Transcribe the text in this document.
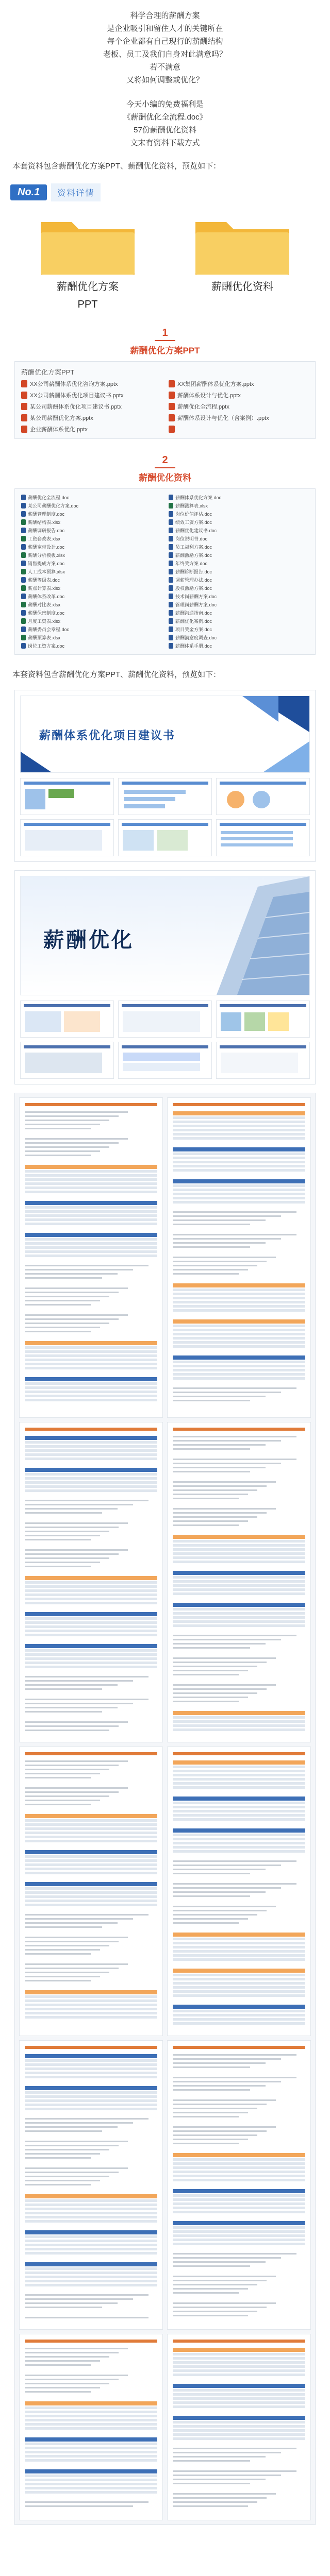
科学合理的薪酬方案

是企业吸引和留住人才的关键所在

每个企业都有自己现行的薪酬结构

老板、员工及我们自身对此满意吗？

若不满意

又将如何调整或优化？

今天小编的免费福利是

《薪酬优化全流程.doc》

57份薪酬优化资料

文末有资料下载方式

本套资料包含薪酬优化方案PPT、薪酬优化资料，预览如下：

No.1	资料详情
薪酬优化方案
PPT
薪酬优化资料
1
薪酬优化方案PPT
薪酬优化方案PPT
XX公司薪酬体系优化咨询方案.pptx	XX集团薪酬体系优化方案.pptx
XX公司薪酬体系优化项目建议书.pptx	薪酬体系设计与优化.pptx
某公司薪酬体系优化项目建议书.pptx	薪酬优化全流程.pptx
某公司薪酬优化方案.pptx	薪酬体系设计与优化（含案例）.pptx
企业薪酬体系优化.pptx
2
薪酬优化资料
薪酬优化全流程.doc	薪酬体系优化方案.doc
某公司薪酬优化方案.doc	薪酬测算表.xlsx
薪酬管理制度.doc	岗位价值评估.doc
薪酬结构表.xlsx	绩效工资方案.doc
薪酬调研报告.doc	薪酬优化建议书.doc
工资套改表.xlsx	岗位说明书.doc
薪酬宽带设计.doc	员工福利方案.doc
薪酬分析模板.xlsx	薪酬激励方案.doc
销售提成方案.doc	年终奖方案.doc
人工成本预算.xlsx	薪酬诊断报告.doc
薪酬等级表.doc	调薪管理办法.doc
薪点计算表.xlsx	股权激励方案.doc
薪酬体系改革.doc	技术岗薪酬方案.doc
薪酬对比表.xlsx	管理岗薪酬方案.doc
薪酬保密制度.doc	薪酬沟通指南.doc
月度工资表.xlsx	薪酬优化案例.doc
薪酬委员会章程.doc	项目奖金方案.doc
薪酬预算表.xlsx	薪酬满意度调查.doc
岗位工资方案.doc	薪酬体系手册.doc

本套资料包含薪酬优化方案PPT、薪酬优化资料，预览如下：

薪酬体系优化项目建议书
薪酬优化
